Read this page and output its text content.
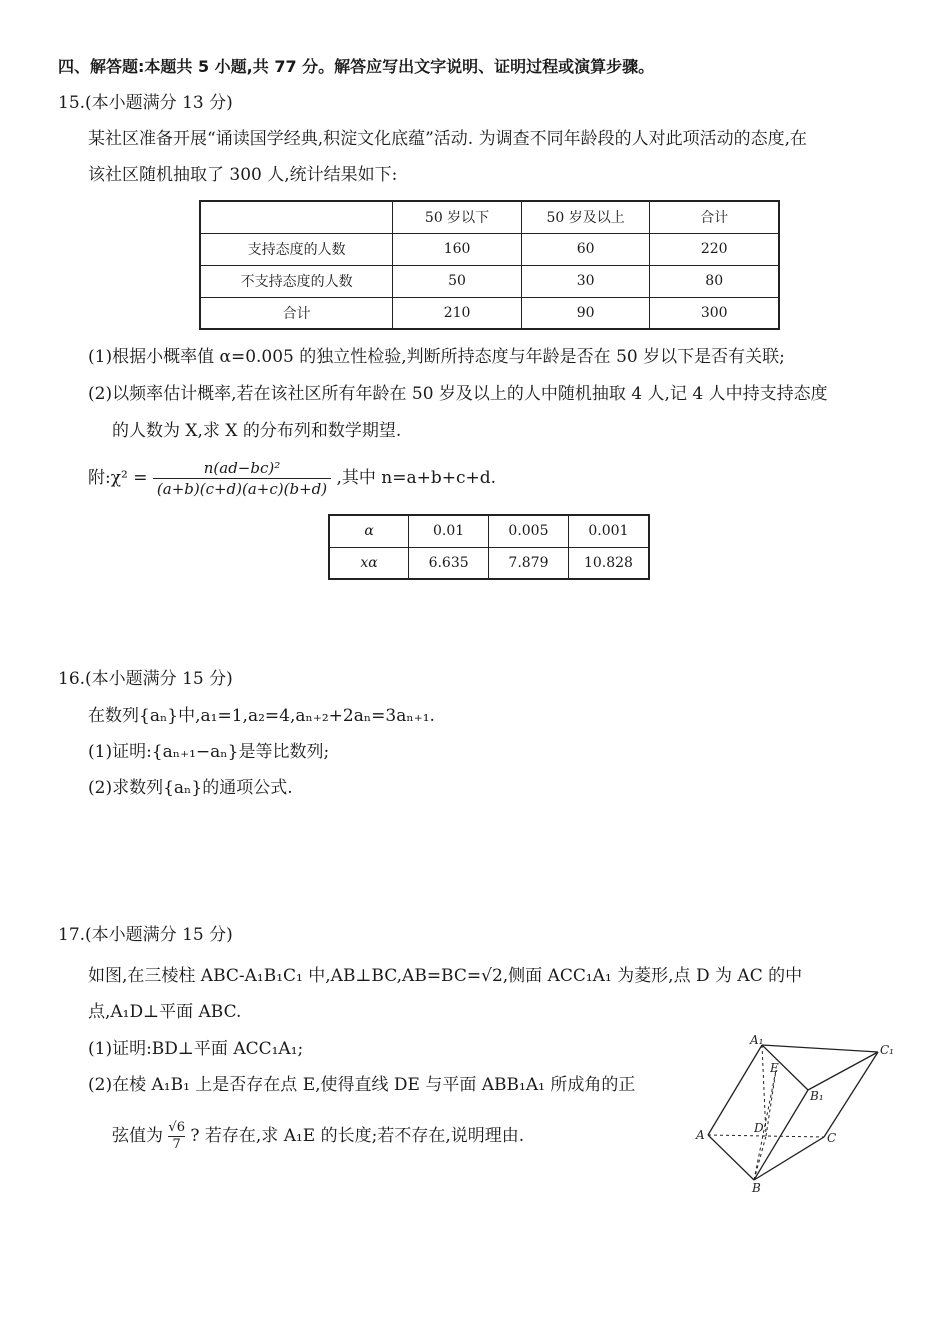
四、解答题:本题共 5 小题,共 77 分。解答应写出文字说明、证明过程或演算步骤。
15.(本小题满分 13 分)
某社区准备开展“诵读国学经典,积淀文化底蕴”活动. 为调查不同年龄段的人对此项活动的态度,在
该社区随机抽取了 300 人,统计结果如下:
	50 岁以下	50 岁及以上	合计
支持态度的人数	160	60	220
不支持态度的人数	50	30	80
合计	210	90	300
(1)根据小概率值 α=0.005 的独立性检验,判断所持态度与年龄是否在 50 岁以下是否有关联;
(2)以频率估计概率,若在该社区所有年龄在 50 岁及以上的人中随机抽取 4 人,记 4 人中持支持态度
的人数为 X,求 X 的分布列和数学期望.
附:χ² = $\frac{\text{n(ad−bc)²}}{(a+b)(c+d)(a+c)(b+d)}$ ,其中 n=a+b+c+d.
α	0.01	0.005	0.001
xα	6.635	7.879	10.828
16.(本小题满分 15 分)
在数列{aₙ}中,a₁=1,a₂=4,aₙ₊₂+2aₙ=3aₙ₊₁.
(1)证明:{aₙ₊₁−aₙ}是等比数列;
(2)求数列{aₙ}的通项公式.
17.(本小题满分 15 分)
如图,在三棱柱 ABC-A₁B₁C₁ 中,AB⊥BC,AB=BC=√2,侧面 ACC₁A₁ 为菱形,点 D 为 AC 的中
点,A₁D⊥平面 ABC.
(1)证明:BD⊥平面 ACC₁A₁;
(2)在棱 A₁B₁ 上是否存在点 E,使得直线 DE 与平面 ABB₁A₁ 所成角的正
弦值为 $\frac{√6}{7}$ ? 若存在,求 A₁E 的长度;若不存在,说明理由.
A₁
C₁
E
B₁
A	D
C
B
